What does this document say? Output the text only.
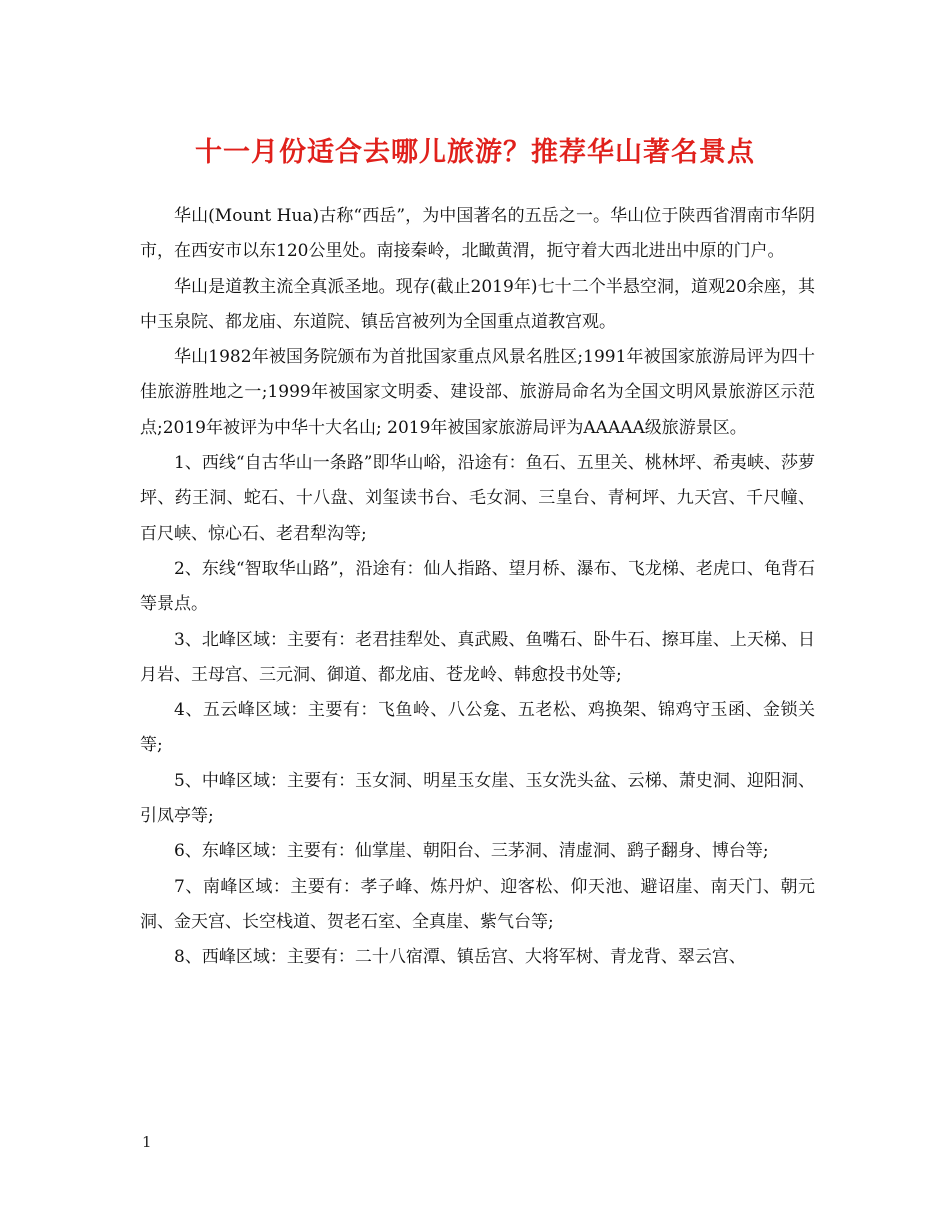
十一月份适合去哪儿旅游？推荐华山著名景点

华山(Mount Hua)古称“西岳”，为中国著名的五岳之一。华山位于陕西省渭南市华阴市，在西安市以东120公里处。南接秦岭，北瞰黄渭，扼守着大西北进出中原的门户。

华山是道教主流全真派圣地。现存(截止2019年)七十二个半悬空洞，道观20余座，其中玉泉院、都龙庙、东道院、镇岳宫被列为全国重点道教宫观。

华山1982年被国务院颁布为首批国家重点风景名胜区;1991年被国家旅游局评为四十佳旅游胜地之一;1999年被国家文明委、建设部、旅游局命名为全国文明风景旅游区示范点;2019年被评为中华十大名山; 2019年被国家旅游局评为AAAAA级旅游景区。

1、西线“自古华山一条路”即华山峪，沿途有：鱼石、五里关、桃林坪、希夷峡、莎萝坪、药王洞、蛇石、十八盘、刘玺读书台、毛女洞、三皇台、青柯坪、九天宫、千尺幢、百尺峡、惊心石、老君犁沟等;

2、东线“智取华山路”，沿途有：仙人指路、望月桥、瀑布、飞龙梯、老虎口、龟背石等景点。

3、北峰区域：主要有：老君挂犁处、真武殿、鱼嘴石、卧牛石、擦耳崖、上天梯、日月岩、王母宫、三元洞、御道、都龙庙、苍龙岭、韩愈投书处等;

4、五云峰区域：主要有：飞鱼岭、八公龛、五老松、鸡换架、锦鸡守玉函、金锁关等;

5、中峰区域：主要有：玉女洞、明星玉女崖、玉女洗头盆、云梯、萧史洞、迎阳洞、引凤亭等;

6、东峰区域：主要有：仙掌崖、朝阳台、三茅洞、清虚洞、鹞子翻身、博台等;

7、南峰区域：主要有：孝子峰、炼丹炉、迎客松、仰天池、避诏崖、南天门、朝元洞、金天宫、长空栈道、贺老石室、全真崖、紫气台等;

8、西峰区域：主要有：二十八宿潭、镇岳宫、大将军树、青龙背、翠云宫、

1
